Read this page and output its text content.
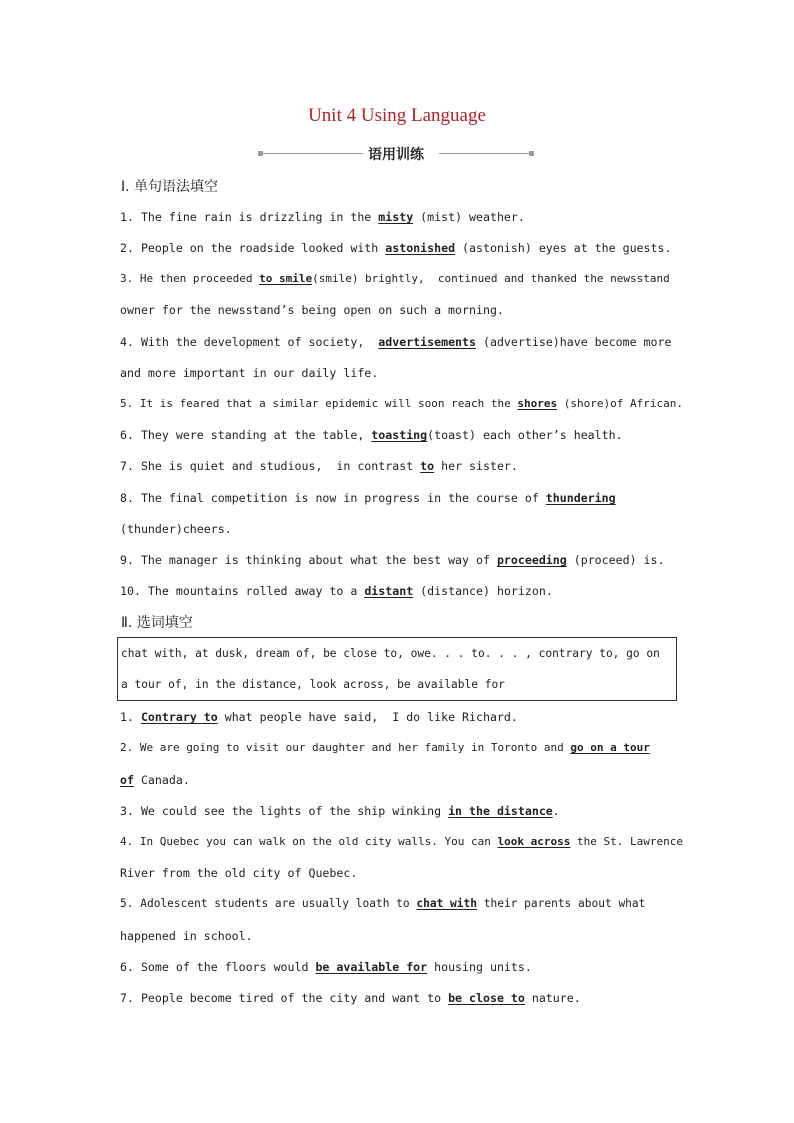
Unit 4 Using Language
语用训练
Ⅰ. 单句语法填空
1. The fine rain is drizzling in the misty (mist) weather.
2. People on the roadside looked with astonished (astonish) eyes at the guests.
3. He then proceeded to smile(smile) brightly,  continued and thanked the newsstand
owner for the newsstand’s being open on such a morning.
4. With the development of society,  advertisements (advertise)have become more
and more important in our daily life.
5. It is feared that a similar epidemic will soon reach the shores (shore)of African.
6. They were standing at the table, toasting(toast) each other’s health.
7. She is quiet and studious,  in contrast to her sister.
8. The final competition is now in progress in the course of thundering
(thunder)cheers.
9. The manager is thinking about what the best way of proceeding (proceed) is.
10. The mountains rolled away to a distant (distance) horizon.
Ⅱ. 选词填空
chat with, at dusk, dream of, be close to, owe. . . to. . . , contrary to, go on
a tour of, in the distance, look across, be available for
1. Contrary to what people have said,  I do like Richard.
2. We are going to visit our daughter and her family in Toronto and go on a tour
of Canada.
3. We could see the lights of the ship winking in the distance.
4. In Quebec you can walk on the old city walls. You can look across the St. Lawrence
River from the old city of Quebec.
5. Adolescent students are usually loath to chat with their parents about what
happened in school.
6. Some of the floors would be available for housing units.
7. People become tired of the city and want to be close to nature.
